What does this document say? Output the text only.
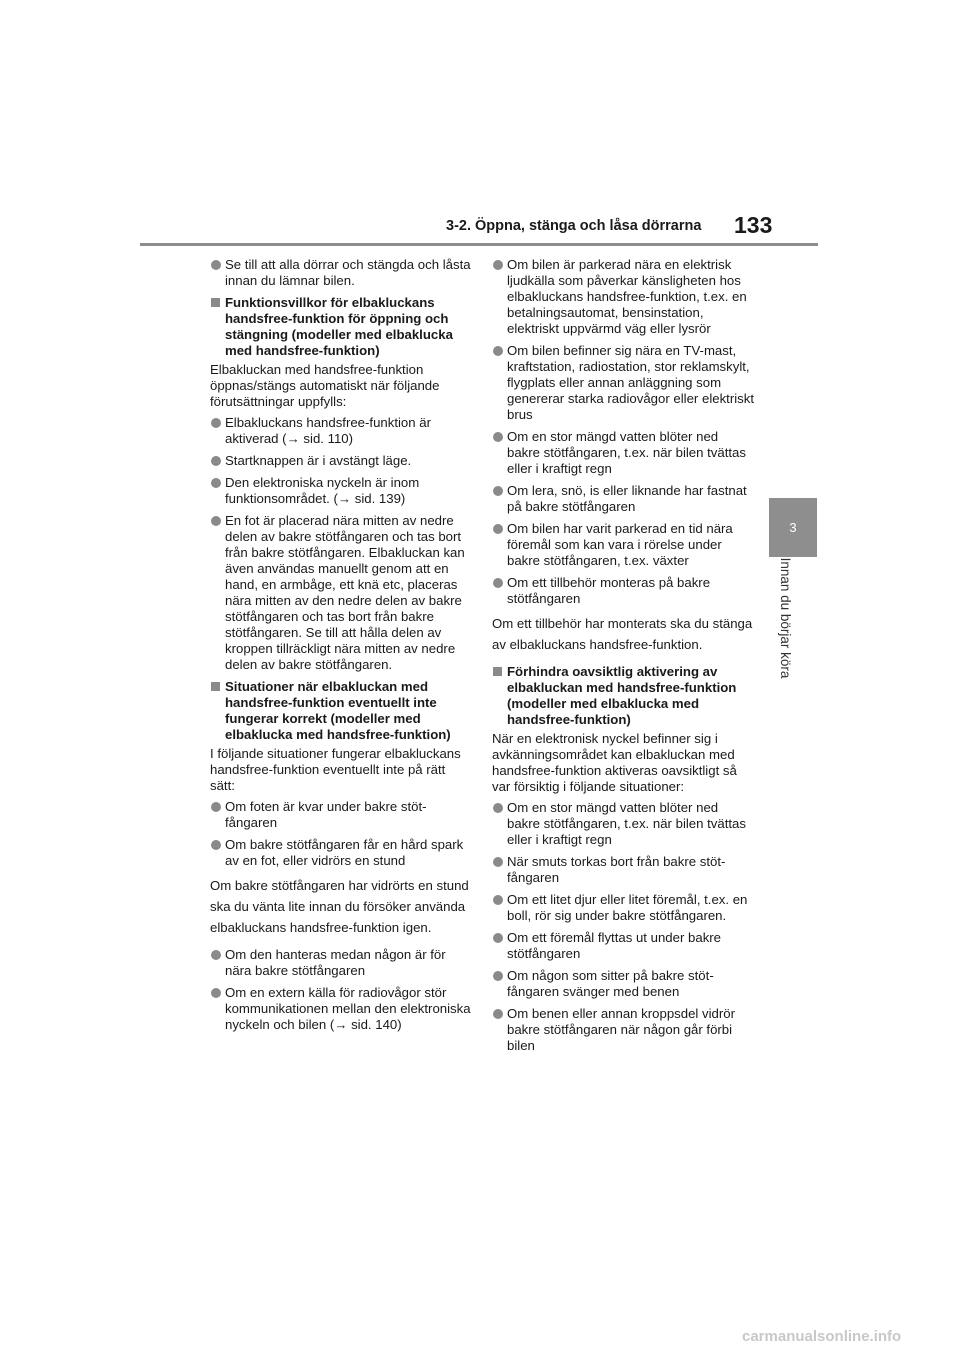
3-2. Öppna, stänga och låsa dörrarna 133
3
Innan du börjar köra
Se till att alla dörrar och stängda och låsta innan du lämnar bilen.
Funktionsvillkor för elbakluckans handsfree-funktion för öppning och stängning (modeller med elbaklucka med handsfree-funktion)
Elbakluckan med handsfree-funktion öppnas/stängs automatiskt när följande förutsättningar uppfylls:
Elbakluckans handsfree-funktion är aktiverad (→ sid. 110)
Startknappen är i avstängt läge.
Den elektroniska nyckeln är inom funktionsområdet. (→ sid. 139)
En fot är placerad nära mitten av nedre delen av bakre stötfångaren och tas bort från bakre stötfångaren. Elbakluckan kan även användas manuellt genom att en hand, en armbåge, ett knä etc, placeras nära mitten av den nedre delen av bakre stötfångaren och tas bort från bakre stötfångaren. Se till att hålla delen av kroppen tillräckligt nära mitten av nedre delen av bakre stötfångaren.
Situationer när elbakluckan med handsfree-funktion eventuellt inte fungerar korrekt (modeller med elbaklucka med handsfree-funktion)
I följande situationer fungerar elbakluckans handsfree-funktion eventuellt inte på rätt sätt:
Om foten är kvar under bakre stötfångaren
Om bakre stötfångaren får en hård spark av en fot, eller vidrörs en stund
Om bakre stötfångaren har vidrörts en stund ska du vänta lite innan du försöker använda elbakluckans handsfree-funktion igen.
Om den hanteras medan någon är för nära bakre stötfångaren
Om en extern källa för radiovågor stör kommunikationen mellan den elektroniska nyckeln och bilen (→ sid. 140)
Om bilen är parkerad nära en elektrisk ljudkälla som påverkar känsligheten hos elbakluckans handsfree-funktion, t.ex. en betalningsautomat, bensinstation, elektriskt uppvärmd väg eller lysrör
Om bilen befinner sig nära en TV-mast, kraftstation, radiostation, stor reklamskylt, flygplats eller annan anläggning som genererar starka radiovågor eller elektriskt brus
Om en stor mängd vatten blöter ned bakre stötfångaren, t.ex. när bilen tvättas eller i kraftigt regn
Om lera, snö, is eller liknande har fastnat på bakre stötfångaren
Om bilen har varit parkerad en tid nära föremål som kan vara i rörelse under bakre stötfångaren, t.ex. växter
Om ett tillbehör monteras på bakre stötfångaren
Om ett tillbehör har monterats ska du stänga av elbakluckans handsfree-funktion.
Förhindra oavsiktlig aktivering av elbakluckan med handsfree-funktion (modeller med elbaklucka med handsfree-funktion)
När en elektronisk nyckel befinner sig i avkänningsområdet kan elbakluckan med handsfree-funktion aktiveras oavsiktligt så var försiktig i följande situationer:
Om en stor mängd vatten blöter ned bakre stötfångaren, t.ex. när bilen tvättas eller i kraftigt regn
När smuts torkas bort från bakre stötfångaren
Om ett litet djur eller litet föremål, t.ex. en boll, rör sig under bakre stötfångaren.
Om ett föremål flyttas ut under bakre stötfångaren
Om någon som sitter på bakre stötfångaren svänger med benen
Om benen eller annan kroppsdel vidrör bakre stötfångaren när någon går förbi bilen
carmanualsonline.info
